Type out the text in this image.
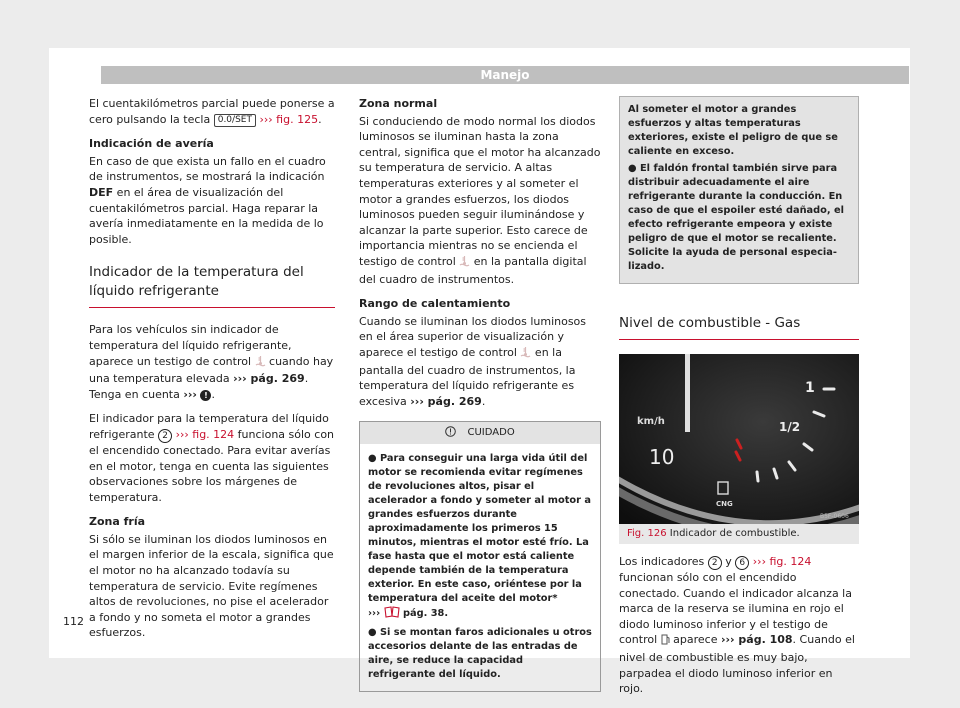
Manejo

El cuentakilómetros parcial puede ponerse a cero pulsando la tecla 0.0/SET ››› fig. 125.

Indicación de avería

En caso de que exista un fallo en el cuadro de instrumentos, se mostrará la indicación DEF en el área de visualización del cuentakilómetros parcial. Haga reparar la avería inmediatamente en la medida de lo posible.

Indicador de la temperatura del líquido refrigerante

Para los vehículos sin indicador de temperatura del líquido refrigerante, aparece un testigo de control cuando hay una temperatura elevada ››› pág. 269. Tenga en cuenta ››› ! .

El indicador para la temperatura del líquido refrigerante 2 ››› fig. 124 funciona sólo con el encendido conectado. Para evitar averías en el motor, tenga en cuenta las siguientes observaciones sobre los márgenes de temperatura.

Zona fría

Si sólo se iluminan los diodos luminosos en el margen inferior de la escala, significa que el motor no ha alcanzado todavía su temperatura de servicio. Evite regímenes altos de revoluciones, no pise el acelerador a fondo y no someta el motor a grandes esfuerzos.

Zona normal

Si conduciendo de modo normal los diodos luminosos se iluminan hasta la zona central, significa que el motor ha alcanzado su temperatura de servicio. A altas temperaturas exteriores y al someter el motor a grandes esfuerzos, los diodos luminosos pueden seguir iluminándose y alcanzar la parte superior. Esto carece de importancia mientras no se encienda el testigo de control en la pantalla digital del cuadro de instrumentos.

Rango de calentamiento

Cuando se iluminan los diodos luminosos en el área superior de visualización y aparece el testigo de control en la pantalla del cuadro de instrumentos, la temperatura del líquido refrigerante es excesiva ››› pág. 269.

CUIDADO

● Para conseguir una larga vida útil del motor se recomienda evitar regímenes de revoluciones altos, pisar el acelerador a fondo y someter al motor a grandes esfuerzos durante aproximadamente los primeros 15 minutos, mientras el motor esté frío. La fase hasta que el motor está caliente depende también de la temperatura exterior. En este caso, oriéntese por la temperatura del aceite del motor*
››› pág. 38.

● Si se montan faros adicionales u otros accesorios delante de las entradas de aire, se reduce la capacidad refrigerante del líquido.

Al someter el motor a grandes esfuerzos y altas temperaturas exteriores, existe el peligro de que se caliente en exceso.

● El faldón frontal también sirve para distribuir adecuadamente el aire refrigerante durante la conducción. En caso de que el espoiler esté dañado, el efecto refrigerante empeora y existe peligro de que el motor se recaliente. Solicite la ayuda de personal especializado.

Nivel de combustible - Gas
1
1/2
km/h
10
CNG
B5F-0606
Fig. 126 Indicador de combustible.

Los indicadores 2 y 6 ››› fig. 124 funcionan sólo con el encendido conectado. Cuando el indicador alcanza la marca de la reserva se ilumina en rojo el diodo luminoso inferior y el testigo de control aparece ››› pág. 108. Cuando el nivel de combustible es muy bajo, parpadea el diodo luminoso inferior en rojo.

112
